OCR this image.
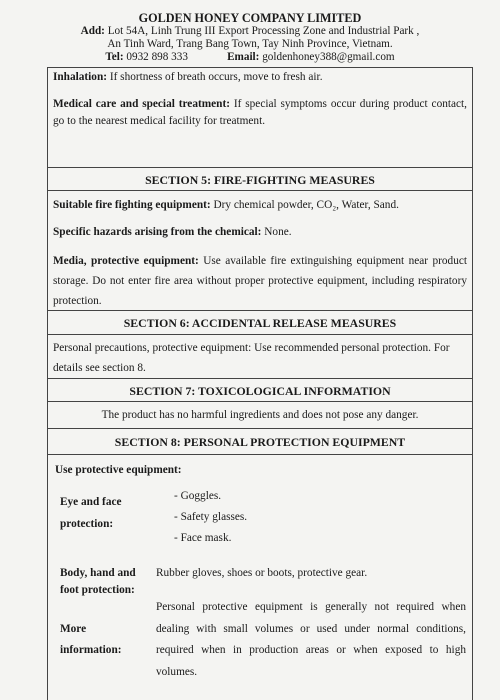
GOLDEN HONEY COMPANY LIMITED
Add: Lot 54A, Linh Trung III Export Processing Zone and Industrial Park ,
An Tinh Ward, Trang Bang Town, Tay Ninh Province, Vietnam.
Tel: 0932 898 333	Email: goldenhoney388@gmail.com

Inhalation: If shortness of breath occurs, move to fresh air.

Medical care and special treatment: If special symptoms occur during product contact, go to the nearest medical facility for treatment.

SECTION 5: FIRE-FIGHTING MEASURES

Suitable fire fighting equipment: Dry chemical powder, CO₂, Water, Sand.

Specific hazards arising from the chemical: None.

Media, protective equipment: Use available fire extinguishing equipment near product storage. Do not enter fire area without proper protective equipment, including respiratory protection.

SECTION 6: ACCIDENTAL RELEASE MEASURES

Personal precautions, protective equipment: Use recommended personal protection. For details see section 8.

SECTION 7: TOXICOLOGICAL INFORMATION
The product has no harmful ingredients and does not pose any danger.
SECTION 8: PERSONAL PROTECTION EQUIPMENT
Use protective equipment:
Eye and face
protection:
- Goggles.
- Safety glasses.
- Face mask.
Body, hand and
foot protection:
Rubber gloves, shoes or boots, protective gear.
More
information:
Personal protective equipment is generally not required when dealing with small volumes or used under normal conditions, required when in production areas or when exposed to high volumes.
